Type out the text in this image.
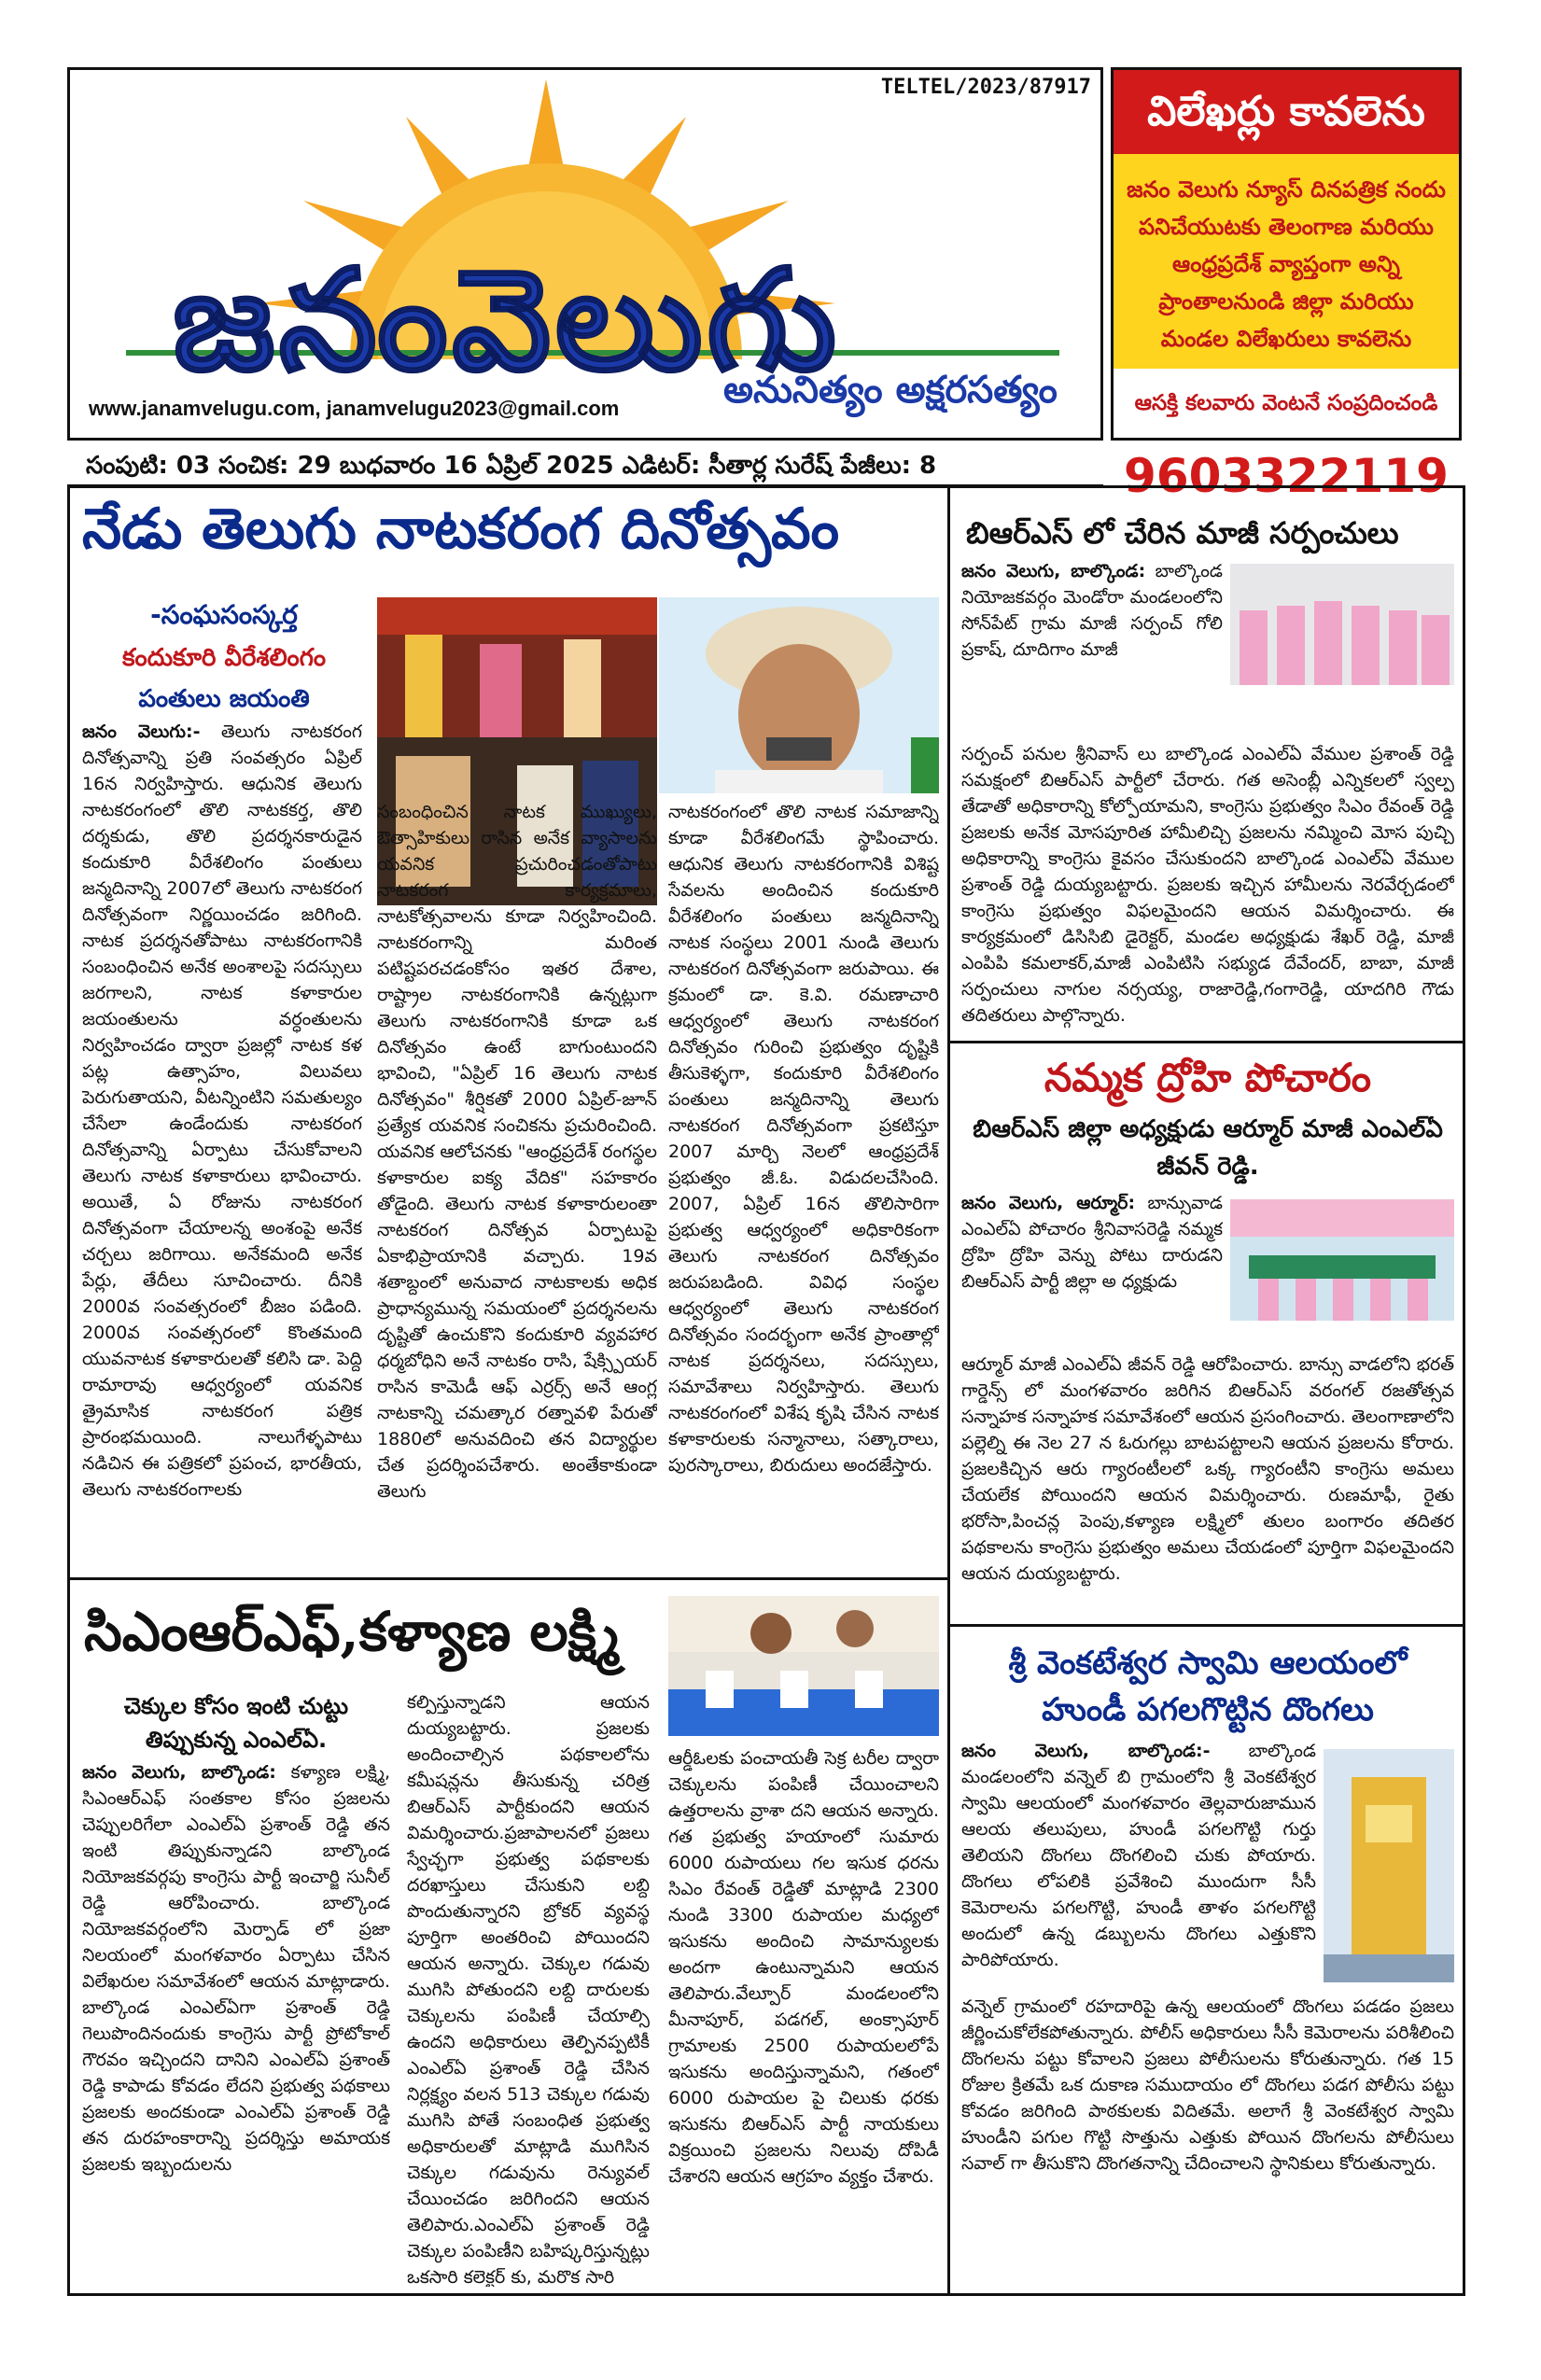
TELTEL/2023/87917
జనంవెలుగు
అనునిత్యం అక్షరసత్యం
www.janamvelugu.com, janamvelugu2023@gmail.com
విలేఖర్లు కావలెను
జనం వెలుగు న్యూస్ దినపత్రిక నందు పనిచేయుటకు తెలంగాణ మరియు ఆంధ్రప్రదేశ్ వ్యాప్తంగా అన్ని ప్రాంతాలనుండి జిల్లా మరియు మండల విలేఖరులు కావలెను
ఆసక్తి కలవారు వెంటనే సంప్రదించండి
9603322119
సంపుటి: 03 సంచిక: 29 బుధవారం 16 ఏప్రిల్ 2025 ఎడిటర్: సీతార్ల సురేష్ పేజీలు: 8
నేడు తెలుగు నాటకరంగ దినోత్సవం
-సంఘసంస్కర్త
కందుకూరి వీరేశలింగం
పంతులు జయంతి
జనం వెలుగు:- తెలుగు నాటకరంగ దినోత్సవాన్ని ప్రతి సంవత్సరం ఏప్రిల్ 16న నిర్వహిస్తారు. ఆధునిక తెలుగు నాటకరంగంలో తొలి నాటకకర్త, తొలి దర్శకుడు, తొలి ప్రదర్శనకారుడైన కందుకూరి వీరేశలింగం పంతులు జన్మదినాన్ని 2007లో తెలుగు నాటకరంగ దినోత్సవంగా నిర్ణయించడం జరిగింది. నాటక ప్రదర్శనతోపాటు నాటకరంగానికి సంబంధించిన అనేక అంశాలపై సదస్సులు జరగాలని, నాటక కళాకారుల జయంతులను వర్ధంతులను నిర్వహించడం ద్వారా ప్రజల్లో నాటక కళ పట్ల ఉత్సాహం, విలువలు పెరుగుతాయని, వీటన్నింటిని సమతుల్యం చేసేలా ఉండేందుకు నాటకరంగ దినోత్సవాన్ని ఏర్పాటు చేసుకోవాలని తెలుగు నాటక కళాకారులు భావించారు. అయితే, ఏ రోజును నాటకరంగ దినోత్సవంగా చేయాలన్న అంశంపై అనేక చర్చలు జరిగాయి. అనేకమంది అనేక పేర్లు, తేదీలు సూచించారు. దీనికి 2000వ సంవత్సరంలో బీజం పడింది. 2000వ సంవత్సరంలో కొంతమంది యువనాటక కళాకారులతో కలిసి డా. పెద్ది రామారావు ఆధ్వర్యంలో యవనిక త్రైమాసిక నాటకరంగ పత్రిక ప్రారంభమయింది. నాలుగేళ్ళపాటు నడిచిన ఈ పత్రికలో ప్రపంచ, భారతీయ, తెలుగు నాటకరంగాలకు
సంబంధించిన నాటక ముఖ్యులు, ఔత్సాహికులు రాసిన అనేక వ్యాసాలను యవనిక ప్రచురించడంతోపాటు నాటకరంగ కార్యక్రమాలు, నాటకోత్సవాలను కూడా నిర్వహించింది. నాటకరంగాన్ని మరింత పటిష్టపరచడంకోసం ఇతర దేశాల, రాష్ట్రాల నాటకరంగానికి ఉన్నట్లుగా తెలుగు నాటకరంగానికి కూడా ఒక దినోత్సవం ఉంటే బాగుంటుందని భావించి, "ఏప్రిల్ 16 తెలుగు నాటక దినోత్సవం" శీర్షికతో 2000 ఏప్రిల్-జూన్ ప్రత్యేక యవనిక సంచికను ప్రచురించింది. యవనిక ఆలోచనకు "ఆంధ్రప్రదేశ్ రంగస్థల కళాకారుల ఐక్య వేదిక" సహకారం తోడైంది. తెలుగు నాటక కళాకారులంతా నాటకరంగ దినోత్సవ ఏర్పాటుపై ఏకాభిప్రాయానికి వచ్చారు. 19వ శతాబ్దంలో అనువాద నాటకాలకు అధిక ప్రాధాన్యమున్న సమయంలో ప్రదర్శనలను దృష్టితో ఉంచుకొని కందుకూరి వ్యవహార ధర్మబోధిని అనే నాటకం రాసి, షేక్స్పియర్ రాసిన కామెడీ ఆఫ్ ఎర్రర్స్ అనే ఆంగ్ల నాటకాన్ని చమత్కార రత్నావళి పేరుతో 1880లో అనువదించి తన విద్యార్థుల చేత ప్రదర్శింపచేశారు. అంతేకాకుండా తెలుగు
నాటకరంగంలో తొలి నాటక సమాజాన్ని కూడా వీరేశలింగమే స్థాపించారు. ఆధునిక తెలుగు నాటకరంగానికి విశిష్ట సేవలను అందించిన కందుకూరి వీరేశలింగం పంతులు జన్మదినాన్ని నాటక సంస్థలు 2001 నుండి తెలుగు నాటకరంగ దినోత్సవంగా జరుపాయి. ఈ క్రమంలో డా. కె.వి. రమణాచారి ఆధ్వర్యంలో తెలుగు నాటకరంగ దినోత్సవం గురించి ప్రభుత్వం దృష్టికి తీసుకెళ్ళగా, కందుకూరి వీరేశలింగం పంతులు జన్మదినాన్ని తెలుగు నాటకరంగ దినోత్సవంగా ప్రకటిస్తూ 2007 మార్చి నెలలో ఆంధ్రప్రదేశ్ ప్రభుత్వం జీ.ఓ. విడుదలచేసింది. 2007, ఏప్రిల్ 16న తొలిసారిగా ప్రభుత్వ ఆధ్వర్యంలో అధికారికంగా తెలుగు నాటకరంగ దినోత్సవం జరుపబడింది. వివిధ సంస్థల ఆధ్వర్యంలో తెలుగు నాటకరంగ దినోత్సవం సందర్భంగా అనేక ప్రాంతాల్లో నాటక ప్రదర్శనలు, సదస్సులు, సమావేశాలు నిర్వహిస్తారు. తెలుగు నాటకరంగంలో విశేష కృషి చేసిన నాటక కళాకారులకు సన్మానాలు, సత్కారాలు, పురస్కారాలు, బిరుదులు అందజేస్తారు.
సిఎంఆర్ఎఫ్,కళ్యాణ లక్ష్మి
చెక్కుల కోసం ఇంటి చుట్టు తిప్పుకున్న ఎంఎల్ఏ.
జనం వెలుగు, బాల్కొండ: కళ్యాణ లక్ష్మి, సిఎంఆర్ఎఫ్ సంతకాల కోసం ప్రజలను చెప్పులరిగేలా ఎంఎల్ఏ ప్రశాంత్ రెడ్డి తన ఇంటి తిప్పుకున్నాడని బాల్కొండ నియోజకవర్గపు కాంగ్రెసు పార్టీ ఇంచార్జి సునీల్ రెడ్డి ఆరోపించారు. బాల్కొండ నియోజకవర్గంలోని మెర్పాడ్ లో ప్రజా నిలయంలో మంగళవారం ఏర్పాటు చేసిన విలేఖరుల సమావేశంలో ఆయన మాట్లాడారు. బాల్కొండ ఎంఎల్ఏగా ప్రశాంత్ రెడ్డి గెలుపొందినందుకు కాంగ్రెసు పార్టీ ప్రోటోకాల్ గౌరవం ఇచ్చిందని దానిని ఎంఎల్ఏ ప్రశాంత్ రెడ్డి కాపాడు కోవడం లేదని ప్రభుత్వ పథకాలు ప్రజలకు అందకుండా ఎంఎల్ఏ ప్రశాంత్ రెడ్డి తన దురహంకారాన్ని ప్రదర్శిస్తు అమాయక ప్రజలకు ఇబ్బందులను
కల్పిస్తున్నాడని ఆయన దుయ్యబట్టారు. ప్రజలకు అందించాల్సిన పథకాలలోను కమీషన్లను తీసుకున్న చరిత్ర బిఆర్ఎస్ పార్టీకుందని ఆయన విమర్శించారు.ప్రజాపాలనలో ప్రజలు స్వేచ్ఛగా ప్రభుత్వ పథకాలకు దరఖాస్తులు చేసుకుని లబ్ది పొందుతున్నారని బ్రోకర్ వ్యవస్థ పూర్తిగా అంతరించి పోయిందని ఆయన అన్నారు. చెక్కుల గడువు ముగిసి పోతుందని లబ్ది దారులకు చెక్కులను పంపిణీ చేయాల్సి ఉందని అధికారులు తెల్పినప్పటికీ ఎంఎల్ఏ ప్రశాంత్ రెడ్డి చేసిన నిర్లక్ష్యం వలన 513 చెక్కుల గడువు ముగిసి పోతే సంబంధిత ప్రభుత్వ అధికారులతో మాట్లాడి ముగిసిన చెక్కుల గడువును రెన్యువల్ చేయించడం జరిగిందని ఆయన తెలిపారు.ఎంఎల్ఏ ప్రశాంత్ రెడ్డి చెక్కుల పంపిణీని బహిష్కరిస్తున్నట్లు ఒకసారి కలెక్టర్ కు, మరొక సారి
ఆర్డీఓలకు పంచాయతీ సెక్ర టరీల ద్వారా చెక్కులను పంపిణీ చేయించాలని ఉత్తరాలను వ్రాశా దని ఆయన అన్నారు. గత ప్రభుత్వ హయాంలో సుమారు 6000 రుపాయలు గల ఇసుక ధరను సిఎం రేవంత్ రెడ్డితో మాట్లాడి 2300 నుండి 3300 రుపాయల మధ్యలో ఇసుకను అందించి సామాన్యులకు అందగా ఉంటున్నామని ఆయన తెలిపారు.వేల్పూర్ మండలంలోని మీనాపూర్, పడగల్, అంక్సాపూర్ గ్రామాలకు 2500 రుపాయలలోపే ఇసుకను అందిస్తున్నామని, గతంలో 6000 రుపాయల పై చిలుకు ధరకు ఇసుకను బిఆర్ఎస్ పార్టీ నాయకులు విక్రయించి ప్రజలను నిలువు దోపిడీ చేశారని ఆయన ఆగ్రహం వ్యక్తం చేశారు.
బిఆర్ఎస్ లో చేరిన మాజీ సర్పంచులు
జనం వెలుగు, బాల్కొండ: బాల్కొండ నియోజకవర్గం మెండోరా మండలంలోని సోన్‌పేట్ గ్రామ మాజీ సర్పంచ్ గోలి ప్రకాష్, దూదిగాం మాజీ
సర్పంచ్ పనుల శ్రీనివాస్ లు బాల్కొండ ఎంఎల్ఏ వేముల ప్రశాంత్ రెడ్డి సమక్షంలో బిఆర్ఎస్ పార్టీలో చేరారు. గత అసెంబ్లీ ఎన్నికలలో స్వల్ప తేడాతో అధికారాన్ని కోల్పోయామని, కాంగ్రెసు ప్రభుత్వం సిఎం రేవంత్ రెడ్డి ప్రజలకు అనేక మోసపూరిత హామీలిచ్చి ప్రజలను నమ్మించి మోస పుచ్చి అధికారాన్ని కాంగ్రెసు కైవసం చేసుకుందని బాల్కొండ ఎంఎల్ఏ వేముల ప్రశాంత్ రెడ్డి దుయ్యబట్టారు. ప్రజలకు ఇచ్చిన హామీలను నెరవేర్చడంలో కాంగ్రెసు ప్రభుత్వం విఫలమైందని ఆయన విమర్శించారు. ఈ కార్యక్రమంలో డిసిసిబి డైరెక్టర్, మండల అధ్యక్షుడు శేఖర్ రెడ్డి, మాజీ ఎంపిపి కమలాకర్,మాజీ ఎంపిటిసి సభ్యుడ దేవేందర్, బాబా, మాజీ సర్పంచులు నాగుల నర్సయ్య, రాజారెడ్డి,గంగారెడ్డి, యాదగిరి గౌడు తదితరులు పాల్గొన్నారు.
నమ్మక ద్రోహి పోచారం
బిఆర్ఎస్ జిల్లా అధ్యక్షుడు ఆర్మూర్ మాజీ ఎంఎల్ఏ జీవన్ రెడ్డి.
జనం వెలుగు, ఆర్మూర్: బాన్సువాడ ఎంఎల్ఏ పోచారం శ్రీనివాసరెడ్డి నమ్మక ద్రోహి ద్రోహి వెన్ను పోటు దారుడని బిఆర్ఎస్ పార్టీ జిల్లా అ ధ్యక్షుడు
ఆర్మూర్ మాజీ ఎంఎల్ఏ జీవన్ రెడ్డి ఆరోపించారు. బాన్సు వాడలోని భరత్ గార్డెన్స్ లో మంగళవారం జరిగిన బిఆర్ఎస్ వరంగల్ రజతోత్సవ సన్నాహక సన్నాహక సమావేశంలో ఆయన ప్రసంగించారు. తెలంగాణాలోని పల్లెల్ని ఈ నెల 27 న ఓరుగల్లు బాటపట్టాలని ఆయన ప్రజలను కోరారు. ప్రజలకిచ్చిన ఆరు గ్యారంటీలలో ఒక్క గ్యారంటీని కాంగ్రెసు అమలు చేయలేక పోయిందని ఆయన విమర్శించారు. రుణమాఫీ, రైతు భరోసా,పించన్ల పెంపు,కళ్యాణ లక్ష్మిలో తులం బంగారం తదితర పథకాలను కాంగ్రెసు ప్రభుత్వం అమలు చేయడంలో పూర్తిగా విఫలమైందని ఆయన దుయ్యబట్టారు.
శ్రీ వెంకటేశ్వర స్వామి ఆలయంలో
హుండీ పగలగొట్టిన దొంగలు
జనం వెలుగు, బాల్కొండ:- బాల్కొండ మండలంలోని వన్నెల్ బి గ్రామంలోని శ్రీ వెంకటేశ్వర స్వామి ఆలయంలో మంగళవారం తెల్లవారుజామున ఆలయ తలుపులు, హుండీ పగలగొట్టి గుర్తు తెలియని దొంగలు దొంగలించి చుకు పోయారు. దొంగలు లోపలికి ప్రవేశించి ముందుగా సీసీ కెమెరాలను పగలగొట్టి, హుండీ తాళం పగలగొట్టి అందులో ఉన్న డబ్బులను దొంగలు ఎత్తుకొని పారిపోయారు.
వన్నెల్ గ్రామంలో రహదారిపై ఉన్న ఆలయంలో దొంగలు పడడం ప్రజలు జీర్ణించుకోలేకపోతున్నారు. పోలీస్ అధికారులు సీసీ కెమెరాలను పరిశీలించి దొంగలను పట్టు కోవాలని ప్రజలు పోలీసులను కోరుతున్నారు. గత 15 రోజుల క్రితమే ఒక దుకాణ సముదాయం లో దొంగలు పడగ పోలీసు పట్టు కోవడం జరిగింది పాఠకులకు విదితమే. అలాగే శ్రీ వెంకటేశ్వర స్వామి హుండీని పగుల గొట్టి సొత్తును ఎత్తుకు పోయిన దొంగలను పోలీసులు సవాల్ గా తీసుకొని దొంగతనాన్ని చేదించాలని స్థానికులు కోరుతున్నారు.
